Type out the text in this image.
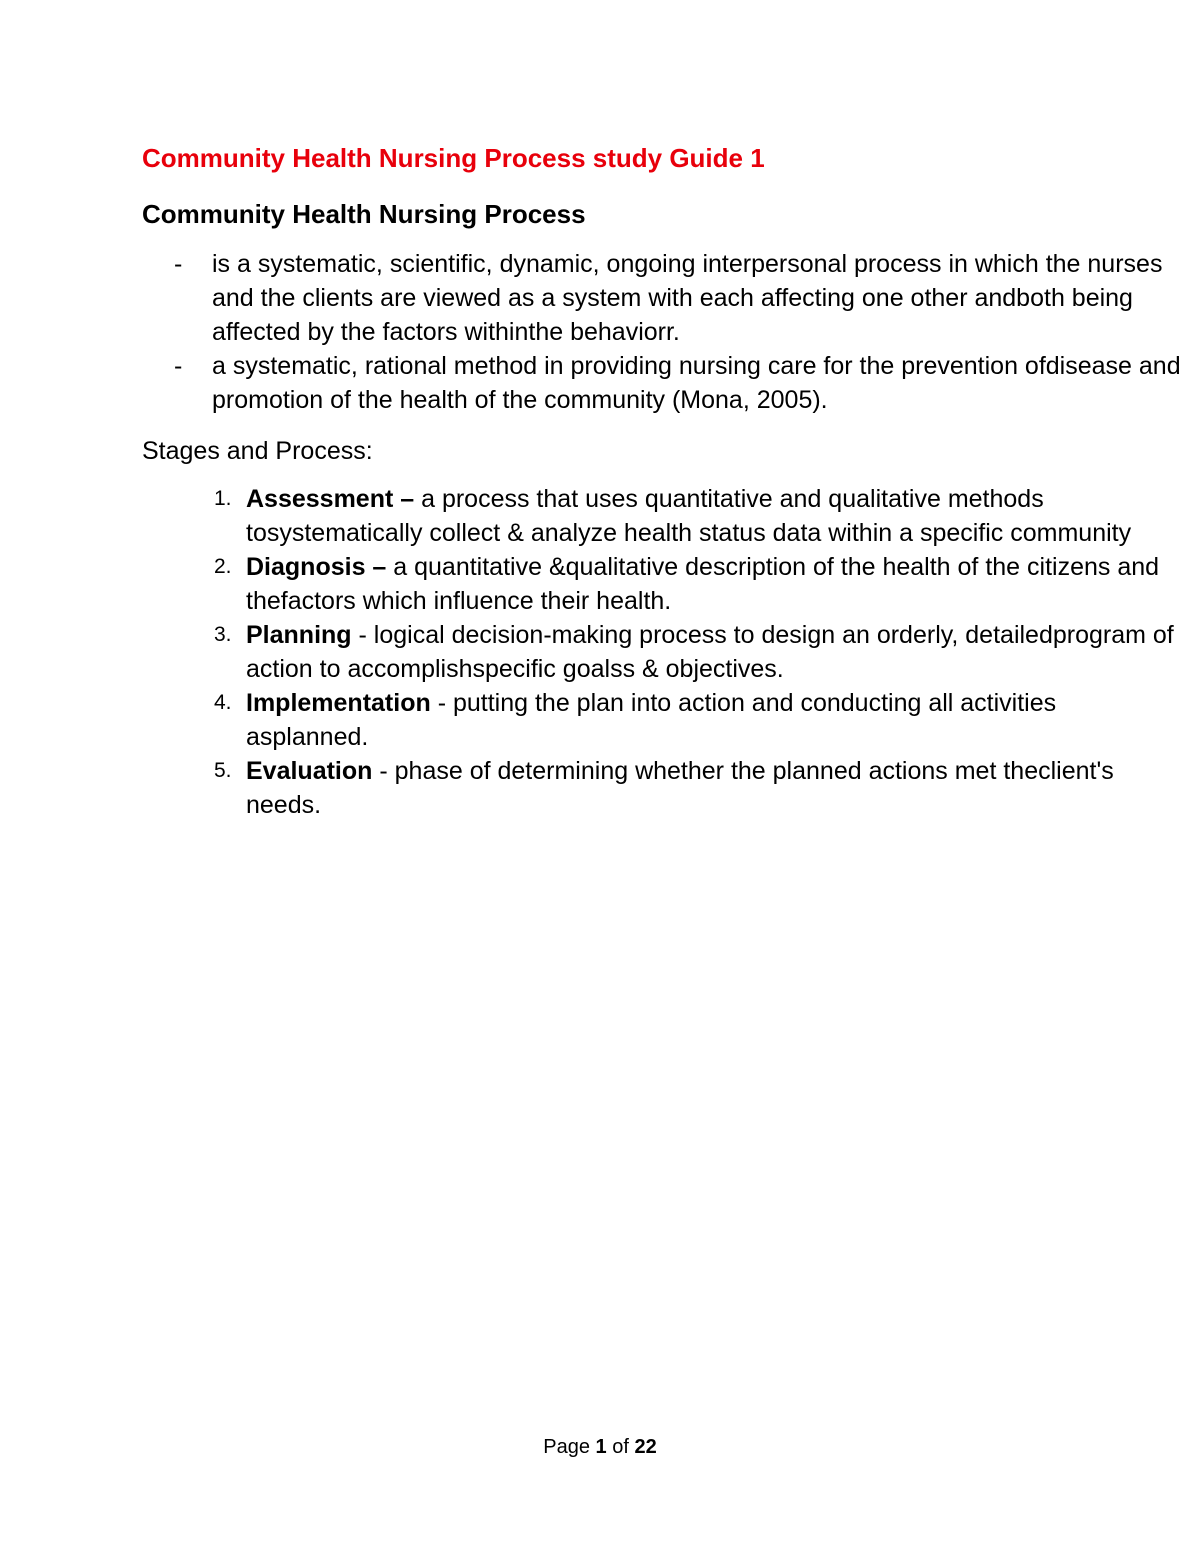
Community Health Nursing Process study Guide 1
Community Health Nursing Process
- is a systematic, scientific, dynamic, ongoing interpersonal process in which the nurses and the clients are viewed as a system with each affecting one other andboth being affected by the factors withinthe behaviorr.
- a systematic, rational method in providing nursing care for the prevention ofdisease and promotion of the health of the community (Mona, 2005).

Stages and Process:

1. Assessment – a process that uses quantitative and qualitative methods tosystematically collect & analyze health status data within a specific community
2. Diagnosis – a quantitative &qualitative description of the health of the citizens and thefactors which influence their health.
3. Planning - logical decision-making process to design an orderly, detailedprogram of action to accomplishspecific goalss & objectives.
4. Implementation - putting the plan into action and conducting all activities asplanned.
5. Evaluation - phase of determining whether the planned actions met theclient's needs.
Page 1 of 22
